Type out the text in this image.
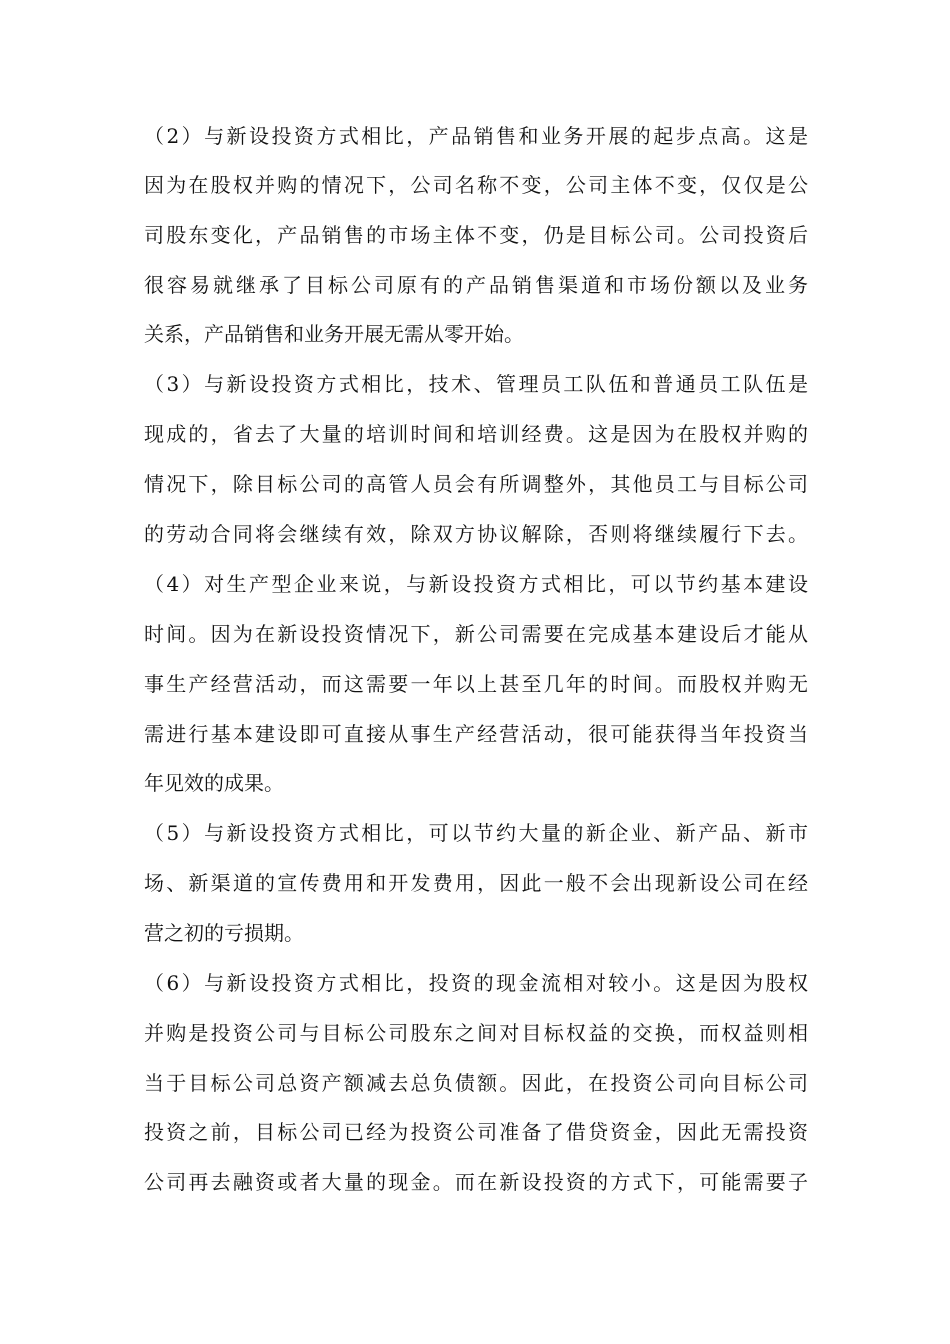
（2）与新设投资方式相比，产品销售和业务开展的起步点高。这是
因为在股权并购的情况下，公司名称不变，公司主体不变，仅仅是公
司股东变化，产品销售的市场主体不变，仍是目标公司。公司投资后
很容易就继承了目标公司原有的产品销售渠道和市场份额以及业务
关系，产品销售和业务开展无需从零开始。
（3）与新设投资方式相比，技术、管理员工队伍和普通员工队伍是
现成的，省去了大量的培训时间和培训经费。这是因为在股权并购的
情况下，除目标公司的高管人员会有所调整外，其他员工与目标公司
的劳动合同将会继续有效，除双方协议解除，否则将继续履行下去。
（4）对生产型企业来说，与新设投资方式相比，可以节约基本建设
时间。因为在新设投资情况下，新公司需要在完成基本建设后才能从
事生产经营活动，而这需要一年以上甚至几年的时间。而股权并购无
需进行基本建设即可直接从事生产经营活动，很可能获得当年投资当
年见效的成果。
（5）与新设投资方式相比，可以节约大量的新企业、新产品、新市
场、新渠道的宣传费用和开发费用，因此一般不会出现新设公司在经
营之初的亏损期。
（6）与新设投资方式相比，投资的现金流相对较小。这是因为股权
并购是投资公司与目标公司股东之间对目标权益的交换，而权益则相
当于目标公司总资产额减去总负债额。因此，在投资公司向目标公司
投资之前，目标公司已经为投资公司准备了借贷资金，因此无需投资
公司再去融资或者大量的现金。而在新设投资的方式下，可能需要子
